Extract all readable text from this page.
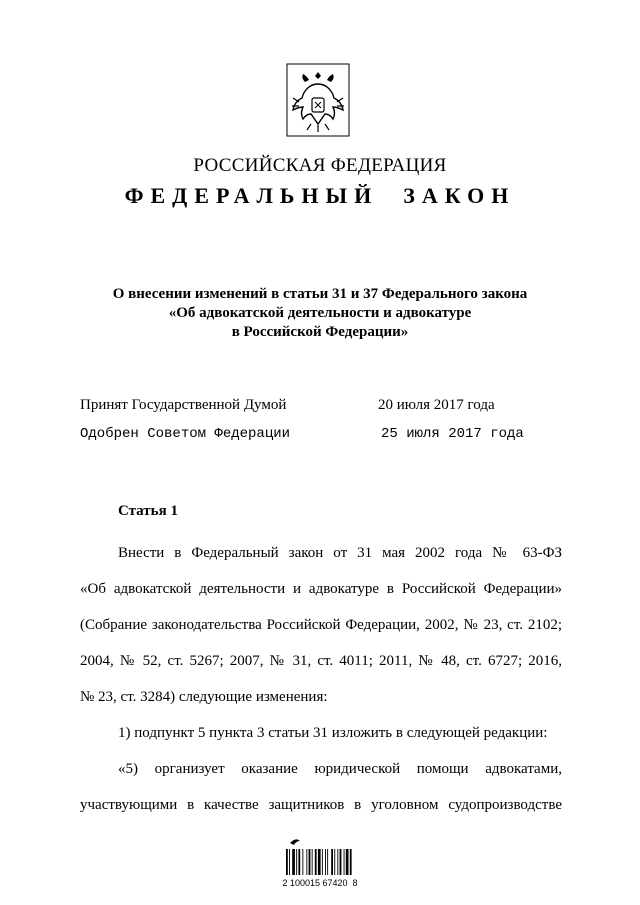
РОССИЙСКАЯ ФЕДЕРАЦИЯ
ФЕДЕРАЛЬНЫЙ  ЗАКОН
О внесении изменений в статьи 31 и 37 Федерального закона
«Об адвокатской деятельности и адвокатуре
в Российской Федерации»
Принят Государственной Думой	20 июля 2017 года
Одобрен Советом Федерации	25 июля 2017 года
Статья 1
Внести в Федеральный закон от 31 мая 2002 года № 63-ФЗ
«Об адвокатской деятельности и адвокатуре в Российской Федерации»
(Собрание законодательства Российской Федерации, 2002, № 23, ст. 2102;
2004, № 52, ст. 5267; 2007, № 31, ст. 4011; 2011, № 48, ст. 6727; 2016,
№ 23, ст. 3284) следующие изменения:
1) подпункт 5 пункта 3 статьи 31 изложить в следующей редакции:
«5) организует оказание юридической помощи адвокатами,
участвующими в качестве защитников в уголовном судопроизводстве
2 100015 67420  8
